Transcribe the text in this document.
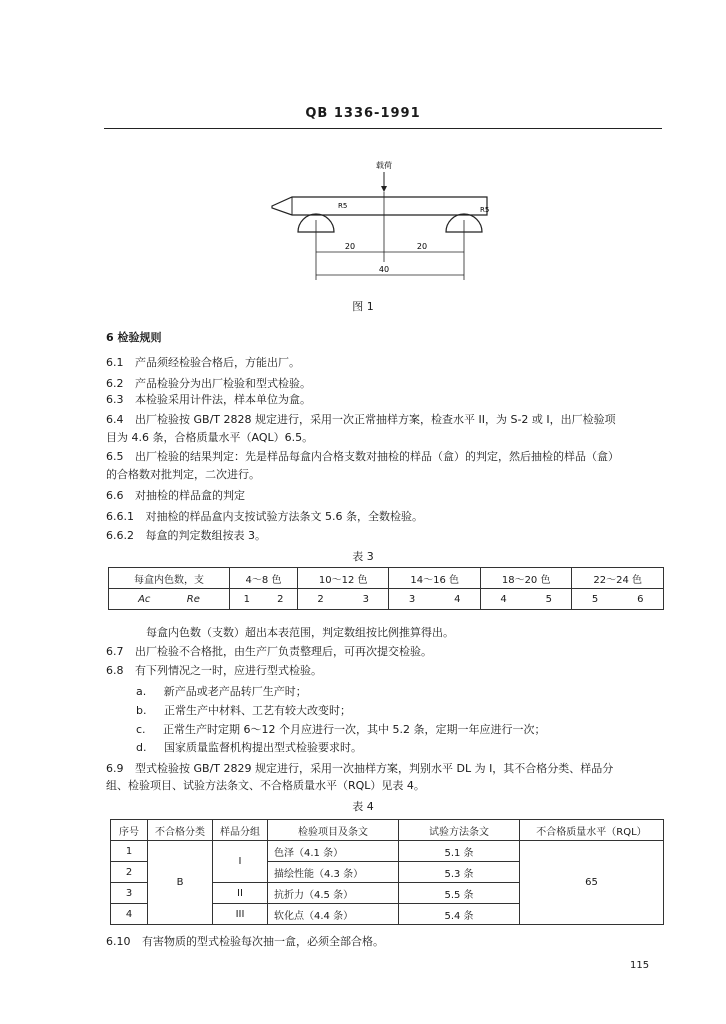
QB 1336-1991
载荷
R5	R5
20	20
40
图 1
6 检验规则
6.1 产品须经检验合格后，方能出厂。
6.2 产品检验分为出厂检验和型式检验。
6.3 本检验采用计件法，样本单位为盒。
6.4 出厂检验按 GB/T 2828 规定进行，采用一次正常抽样方案，检查水平 II，为 S-2 或 I，出厂检验项
目为 4.6 条，合格质量水平（AQL）6.5。
6.5 出厂检验的结果判定：先是样品每盒内合格支数对抽检的样品（盒）的判定，然后抽检的样品（盒）
的合格数对批判定，二次进行。
6.6 对抽检的样品盒的判定
6.6.1 对抽检的样品盒内支按试验方法条文 5.6 条，全数检验。
6.6.2 每盒的判定数组按表 3。
表 3
每盒内色数，支	4～8 色		10～12 色		14～16 色		18～20 色		22～24 色	
Ac Re	1	2	2	3	3	4	4	5	5	6
每盒内色数（支数）超出本表范围，判定数组按比例推算得出。
6.7 出厂检验不合格批，由生产厂负责整理后，可再次提交检验。
6.8 有下列情况之一时，应进行型式检验。
a. 新产品或老产品转厂生产时；
b. 正常生产中材料、工艺有较大改变时；
c. 正常生产时定期 6～12 个月应进行一次，其中 5.2 条，定期一年应进行一次；
d. 国家质量监督机构提出型式检验要求时。
6.9 型式检验按 GB/T 2829 规定进行，采用一次抽样方案，判别水平 DL 为 I，其不合格分类、样品分
组、检验项目、试验方法条文、不合格质量水平（RQL）见表 4。
表 4
序号	不合格分类	样品分组	检验项目及条文	试验方法条文	不合格质量水平（RQL）
1	B	I	色泽（4.1 条）	5.1 条	65
2			描绘性能（4.3 条）	5.3 条	
3		II	抗折力（4.5 条）	5.5 条	
4		III	软化点（4.4 条）	5.4 条	
6.10 有害物质的型式检验每次抽一盒，必须全部合格。
115
